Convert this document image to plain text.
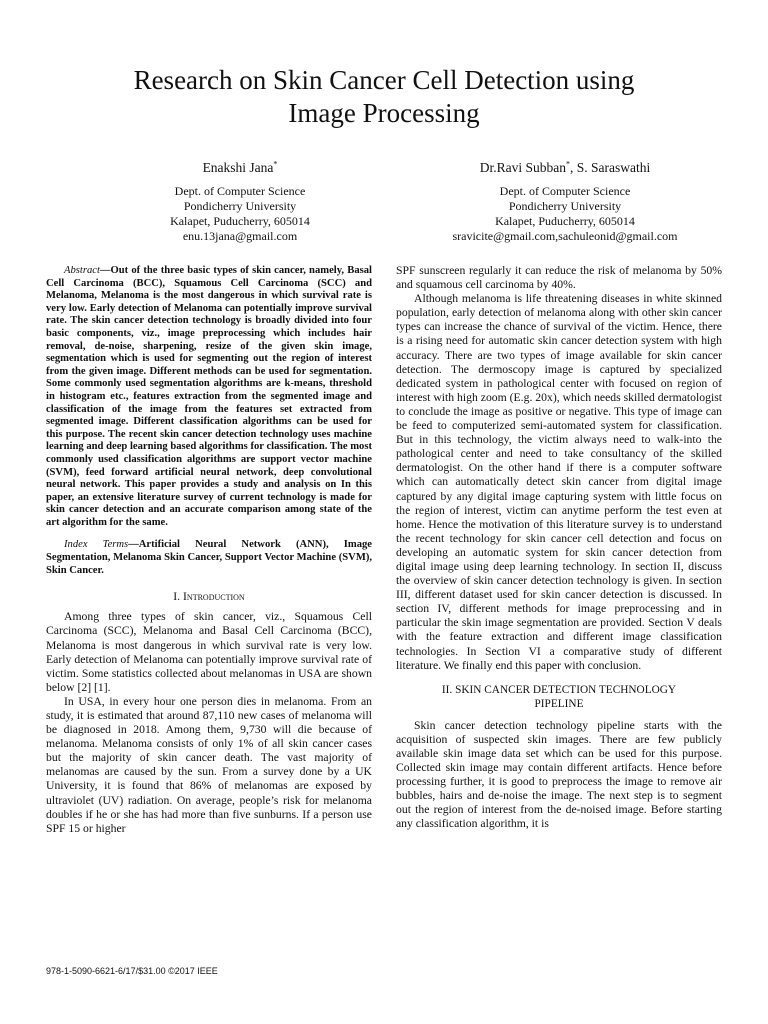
Research on Skin Cancer Cell Detection using
Image Processing
Enakshi Jana*
Dept. of Computer Science
Pondicherry University
Kalapet, Puducherry, 605014
enu.13jana@gmail.com
Dr.Ravi Subban*, S. Saraswathi
Dept. of Computer Science
Pondicherry University
Kalapet, Puducherry, 605014
sravicite@gmail.com,sachuleonid@gmail.com

Abstract—Out of the three basic types of skin cancer, namely, Basal Cell Carcinoma (BCC), Squamous Cell Carcinoma (SCC) and Melanoma, Melanoma is the most dangerous in which survival rate is very low. Early detection of Melanoma can potentially improve survival rate. The skin cancer detection technology is broadly divided into four basic components, viz., image preprocessing which includes hair removal, de-noise, sharpening, resize of the given skin image, segmentation which is used for segmenting out the region of interest from the given image. Different methods can be used for segmentation. Some commonly used segmentation algorithms are k-means, threshold in histogram etc., features extraction from the segmented image and classification of the image from the features set extracted from segmented image. Different classification algorithms can be used for this purpose. The recent skin cancer detection technology uses machine learning and deep learning based algorithms for classification. The most commonly used classification algorithms are support vector machine (SVM), feed forward artificial neural network, deep convolutional neural network. This paper provides a study and analysis on In this paper, an extensive literature survey of current technology is made for skin cancer detection and an accurate comparison among state of the art algorithm for the same.

Index Terms—Artificial Neural Network (ANN), Image Segmentation, Melanoma Skin Cancer, Support Vector Machine (SVM), Skin Cancer.

I. Introduction

Among three types of skin cancer, viz., Squamous Cell Carcinoma (SCC), Melanoma and Basal Cell Carcinoma (BCC), Melanoma is most dangerous in which survival rate is very low. Early detection of Melanoma can potentially improve survival rate of victim. Some statistics collected about melanomas in USA are shown below [2] [1].

In USA, in every hour one person dies in melanoma. From an study, it is estimated that around 87,110 new cases of melanoma will be diagnosed in 2018. Among them, 9,730 will die because of melanoma. Melanoma consists of only 1% of all skin cancer cases but the majority of skin cancer death. The vast majority of melanomas are caused by the sun. From a survey done by a UK University, it is found that 86% of melanomas are exposed by ultraviolet (UV) radiation. On average, people’s risk for melanoma doubles if he or she has had more than five sunburns. If a person use SPF 15 or higher

SPF sunscreen regularly it can reduce the risk of melanoma by 50% and squamous cell carcinoma by 40%.

Although melanoma is life threatening diseases in white skinned population, early detection of melanoma along with other skin cancer types can increase the chance of survival of the victim. Hence, there is a rising need for automatic skin cancer detection system with high accuracy. There are two types of image available for skin cancer detection. The dermoscopy image is captured by specialized dedicated system in pathological center with focused on region of interest with high zoom (E.g. 20x), which needs skilled dermatologist to conclude the image as positive or negative. This type of image can be feed to computerized semi-automated system for classification. But in this technology, the victim always need to walk-into the pathological center and need to take consultancy of the skilled dermatologist. On the other hand if there is a computer software which can automatically detect skin cancer from digital image captured by any digital image capturing system with little focus on the region of interest, victim can anytime perform the test even at home. Hence the motivation of this literature survey is to understand the recent technology for skin cancer cell detection and focus on developing an automatic system for skin cancer detection from digital image using deep learning technology. In section II, discuss the overview of skin cancer detection technology is given. In section III, different dataset used for skin cancer detection is discussed. In section IV, different methods for image preprocessing and in particular the skin image segmentation are provided. Section V deals with the feature extraction and different image classification technologies. In Section VI a comparative study of different literature. We finally end this paper with conclusion.

II. SKIN CANCER DETECTION TECHNOLOGY
PIPELINE

Skin cancer detection technology pipeline starts with the acquisition of suspected skin images. There are few publicly available skin image data set which can be used for this purpose. Collected skin image may contain different artifacts. Hence before processing further, it is good to preprocess the image to remove air bubbles, hairs and de-noise the image. The next step is to segment out the region of interest from the de-noised image. Before starting any classification algorithm, it is

978-1-5090-6621-6/17/$31.00 ©2017 IEEE
